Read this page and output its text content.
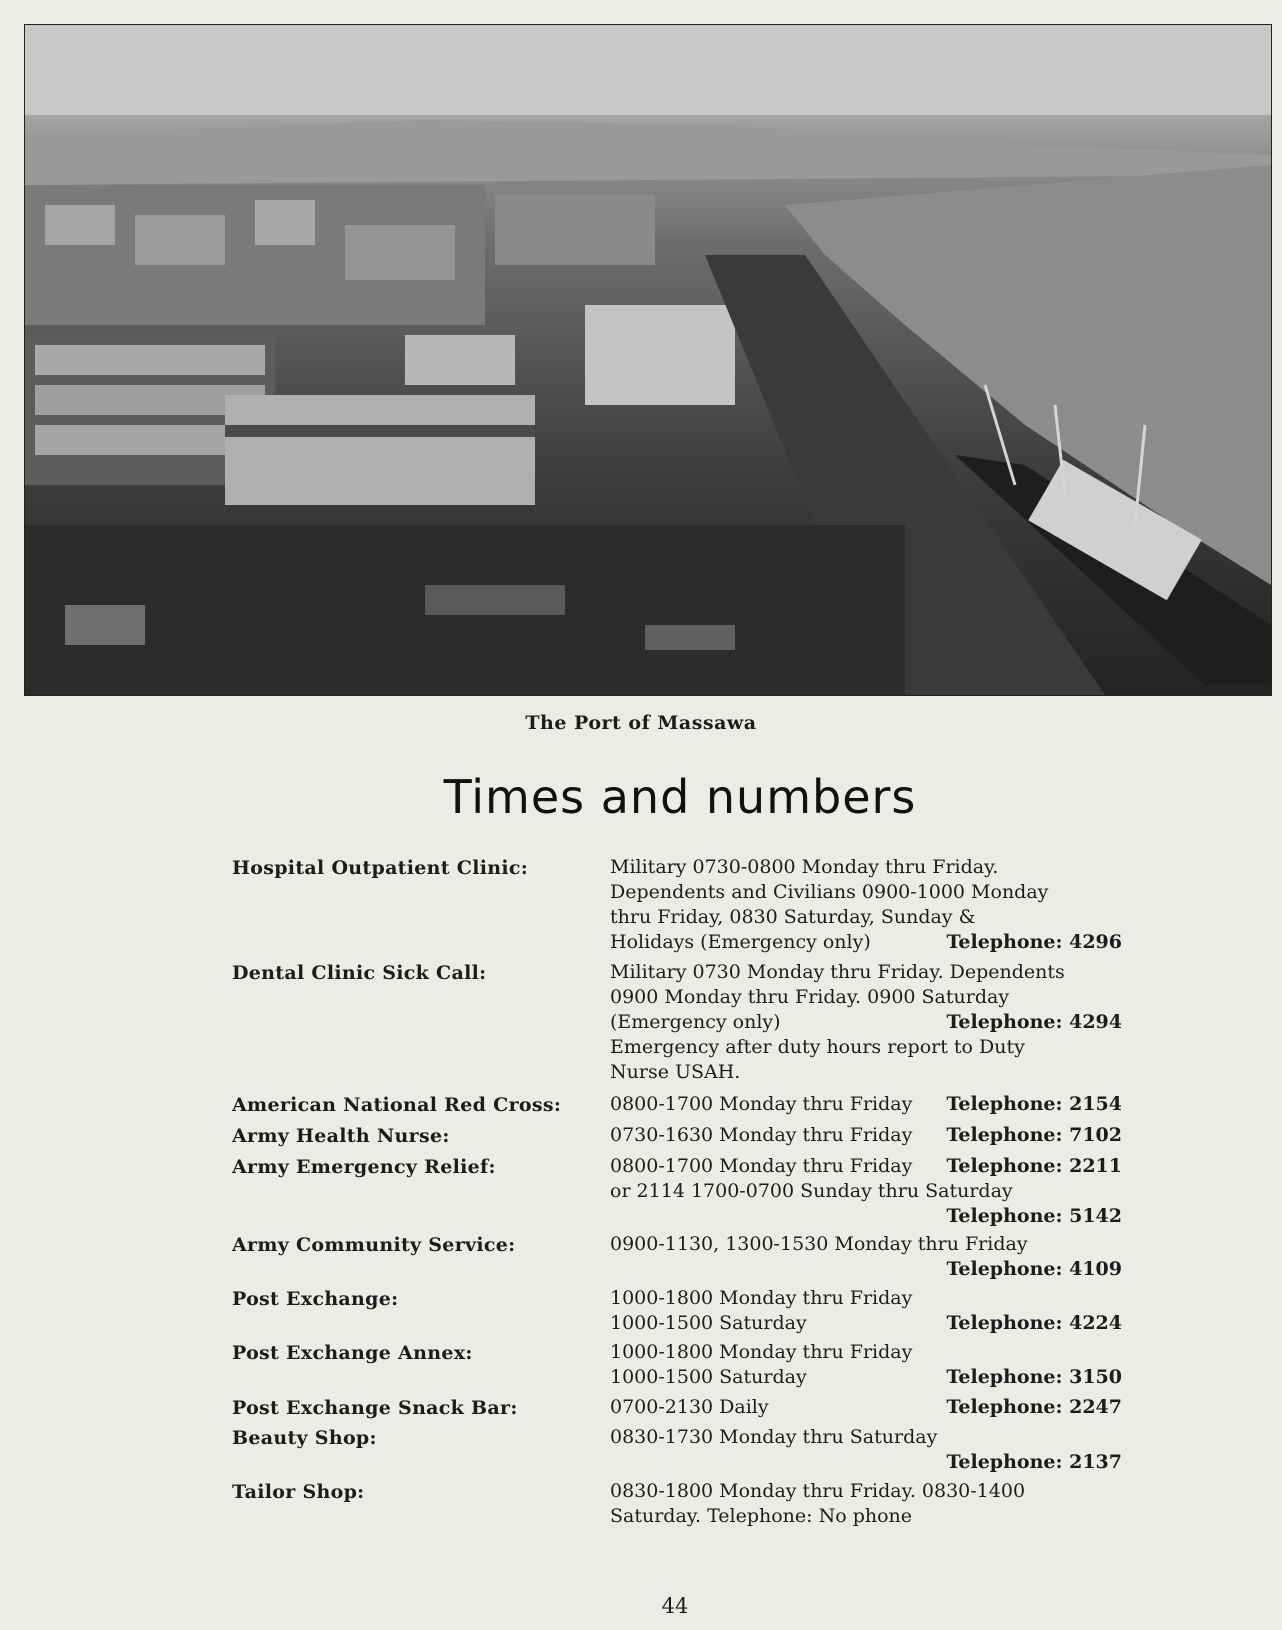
The Port of Massawa
Times and numbers
Hospital Outpatient Clinic:	Military 0730-0800 Monday thru Friday.
Dependents and Civilians 0900-1000 Monday
thru Friday, 0830 Saturday, Sunday &
Holidays (Emergency only)	Telephone: 4296
Dental Clinic Sick Call:	Military 0730 Monday thru Friday. Dependents
0900 Monday thru Friday. 0900 Saturday
(Emergency only)	Telephone: 4294
Emergency after duty hours report to Duty
Nurse USAH.
American National Red Cross:	0800-1700 Monday thru Friday Telephone: 2154
Army Health Nurse:	0730-1630 Monday thru Friday Telephone: 7102
Army Emergency Relief:	0800-1700 Monday thru Friday Telephone: 2211
or 2114 1700-0700 Sunday thru Saturday
Telephone: 5142
Army Community Service:	0900-1130, 1300-1530 Monday thru Friday
Telephone: 4109
Post Exchange:	1000-1800 Monday thru Friday
1000-1500 Saturday	Telephone: 4224
Post Exchange Annex:	1000-1800 Monday thru Friday
1000-1500 Saturday	Telephone: 3150
Post Exchange Snack Bar:	0700-2130 Daily	Telephone: 2247
Beauty Shop:	0830-1730 Monday thru Saturday
Telephone: 2137
Tailor Shop:	0830-1800 Monday thru Friday. 0830-1400
Saturday. Telephone: No phone
44
